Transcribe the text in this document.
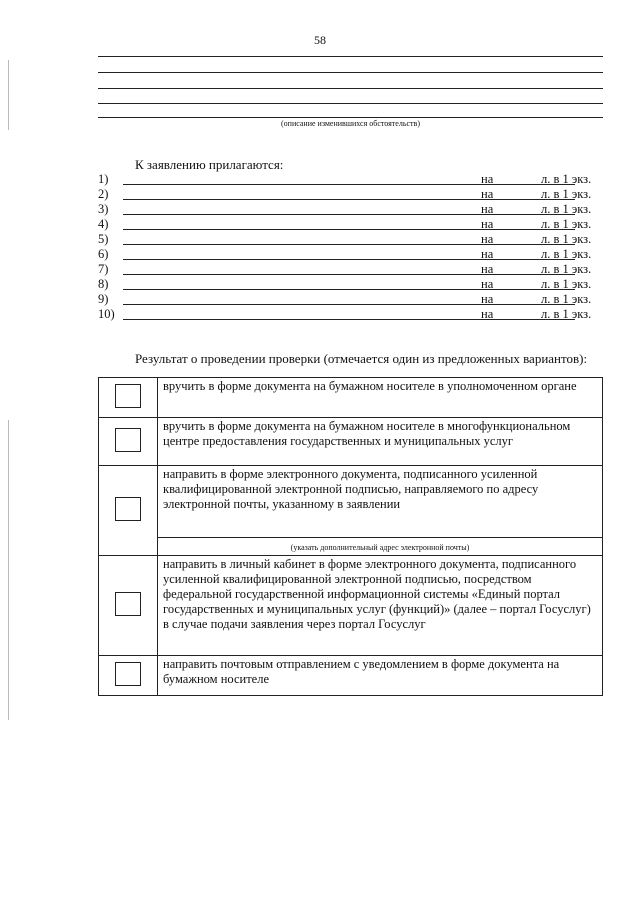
58
(описание изменившихся обстоятельств)
К заявлению прилагаются:
1)	на	л. в 1 экз.
2)	на	л. в 1 экз.
3)	на	л. в 1 экз.
4)	на	л. в 1 экз.
5)	на	л. в 1 экз.
6)	на	л. в 1 экз.
7)	на	л. в 1 экз.
8)	на	л. в 1 экз.
9)	на	л. в 1 экз.
10)	на	л. в 1 экз.
Результат о проведении проверки (отмечается один из предложенных вариантов):
	вручить в форме документа на бумажном носителе в уполномоченном органе
	вручить в форме документа на бумажном носителе в многофункциональном центре предоставления государственных и муниципальных услуг
	направить в форме электронного документа, подписанного усиленной квалифицированной электронной подписью, направляемого по адресу электронной почты, указанному в заявлении

	(указать дополнительный адрес электронной почты)

	направить в личный кабинет в форме электронного документа, подписанного усиленной квалифицированной электронной подписью, посредством федеральной государственной информационной системы «Единый портал государственных и муниципальных услуг (функций)» (далее – портал Госуслуг) в случае подачи заявления через портал Госуслуг
	направить почтовым отправлением с уведомлением в форме документа на бумажном носителе
